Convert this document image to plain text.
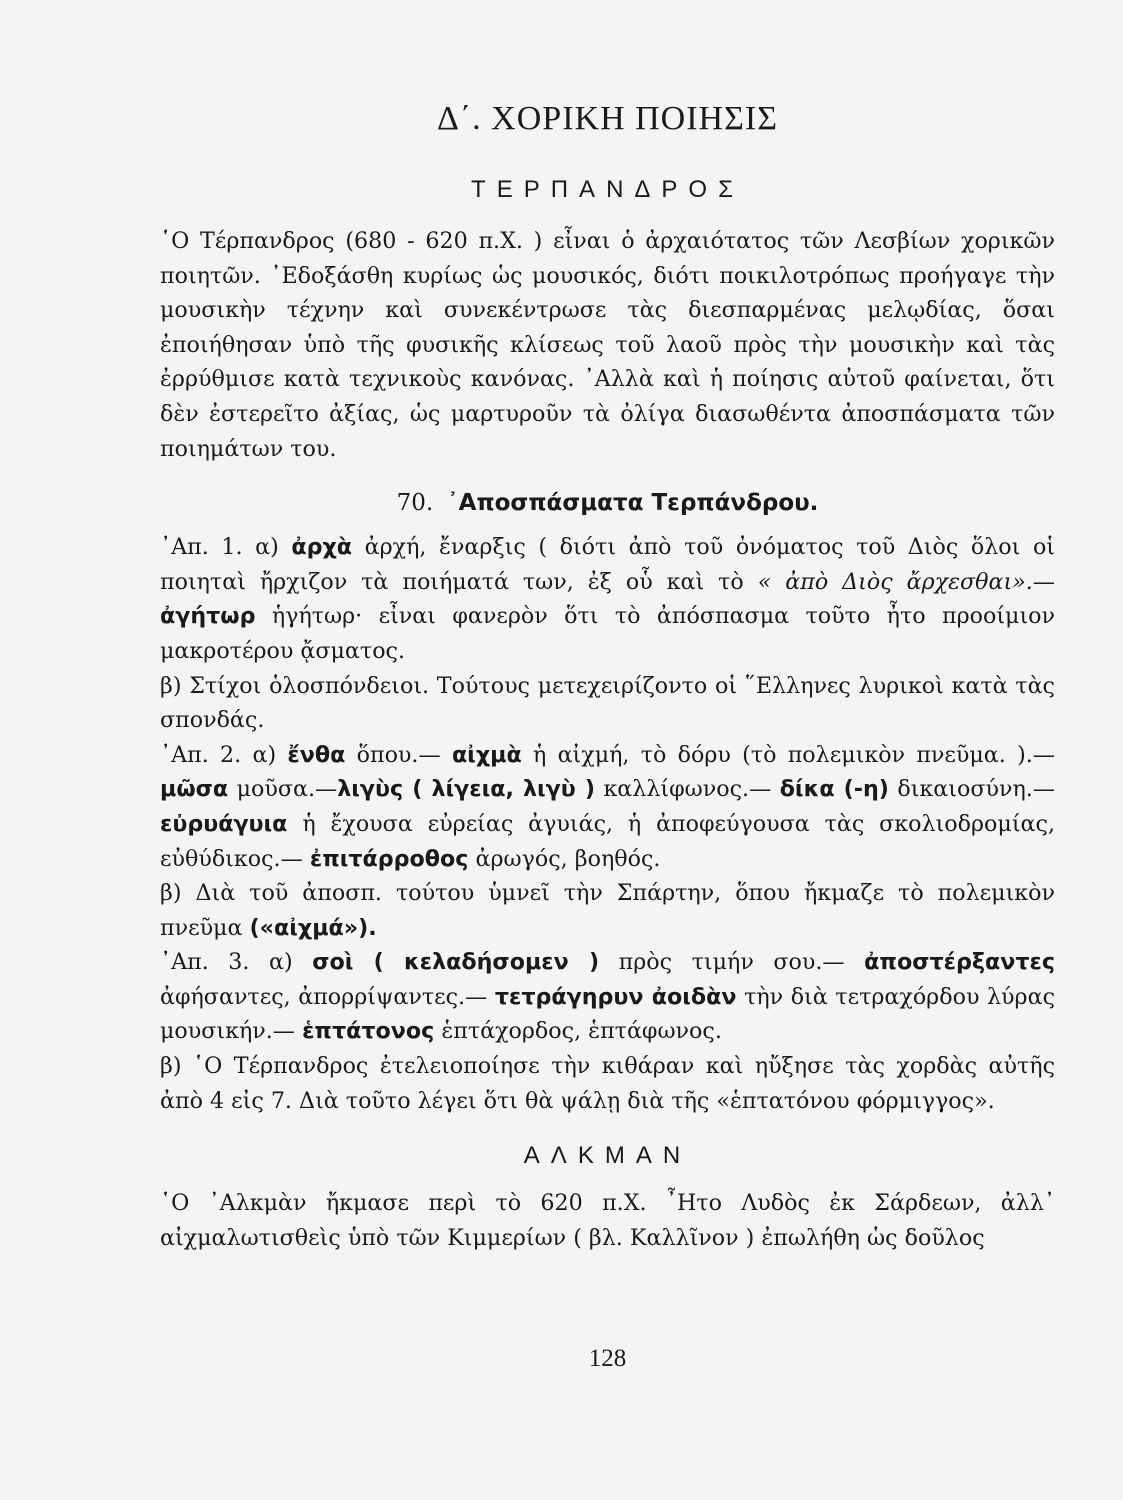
Δ΄. ΧΟΡΙΚΗ ΠΟΙΗΣΙΣ
ΤΕΡΠΑΝΔΡΟΣ

῾Ο Τέρπανδρος (680 - 620 π.Χ. ) εἶναι ὁ ἀρχαιότατος τῶν Λεσβίων χορικῶν ποιητῶν. ᾿Εδοξάσθη κυρίως ὡς μουσικός, διότι ποικιλοτρόπως προήγαγε τὴν μουσικὴν τέχνην καὶ συνεκέντρωσε τὰς διεσπαρμένας μελῳδίας, ὅσαι ἐποιήθησαν ὑπὸ τῆς φυσικῆς κλίσεως τοῦ λαοῦ πρὸς τὴν μουσικὴν καὶ τὰς ἐρρύθμισε κατὰ τεχνικοὺς κανόνας. ᾿Αλλὰ καὶ ἡ ποίησις αὐτοῦ φαίνεται, ὅτι δὲν ἐστερεῖτο ἀξίας, ὡς μαρτυροῦν τὰ ὀλίγα διασωθέντα ἀποσπάσματα τῶν ποιημάτων του.

70. ᾿Αποσπάσματα Τερπάνδρου.

᾿Απ. 1. α) ἀρχὰ ἀρχή, ἔναρξις ( διότι ἀπὸ τοῦ ὀνόματος τοῦ Διὸς ὅλοι οἱ ποιηταὶ ἤρχιζον τὰ ποιήματά των, ἐξ οὗ καὶ τὸ « ἀπὸ Διὸς ἄρχεσθαι».— ἀγήτωρ ἡγήτωρ· εἶναι φανερὸν ὅτι τὸ ἀπόσπασμα τοῦτο ἦτο προοίμιον μακροτέρου ᾄσματος.

β) Στίχοι ὁλοσπόνδειοι. Τούτους μετεχειρίζοντο οἱ ῞Ελληνες λυρικοὶ κατὰ τὰς σπονδάς.

᾿Απ. 2. α) ἔνθα ὅπου.— αἰχμὰ ἡ αἰχμή, τὸ δόρυ (τὸ πολεμικὸν πνεῦμα. ).—μῶσα μοῦσα.—λιγὺς ( λίγεια, λιγὺ ) καλλίφωνος.— δίκα (-η) δικαιοσύνη.— εὐρυάγυια ἡ ἔχουσα εὐρείας ἀγυιάς, ἡ ἀποφεύγουσα τὰς σκολιοδρομίας, εὐθύδικος.— ἐπιτάρροθος ἀρωγός, βοηθός.

β) Διὰ τοῦ ἀποσπ. τούτου ὑμνεῖ τὴν Σπάρτην, ὅπου ἤκμαζε τὸ πολεμικὸν πνεῦμα («αἰχμά»).

᾿Απ. 3. α) σοὶ ( κελαδήσομεν ) πρὸς τιμήν σου.— ἀποστέρξαντες ἀφήσαντες, ἀπορρίψαντες.— τετράγηρυν ἀοιδὰν τὴν διὰ τετραχόρδου λύρας μουσικήν.— ἑπτάτονος ἑπτάχορδος, ἑπτάφωνος.

β) ῾Ο Τέρπανδρος ἐτελειοποίησε τὴν κιθάραν καὶ ηὔξησε τὰς χορδὰς αὐτῆς ἀπὸ 4 εἰς 7. Διὰ τοῦτο λέγει ὅτι θὰ ψάλῃ διὰ τῆς «ἑπτατόνου φόρμιγγος».

ΑΛΚΜΑΝ

῾Ο ᾿Αλκμὰν ἤκμασε περὶ τὸ 620 π.Χ. ῏Ητο Λυδὸς ἐκ Σάρδεων, ἀλλ᾿ αἰχμαλωτισθεὶς ὑπὸ τῶν Κιμμερίων ( βλ. Καλλῖνον ) ἐπωλήθη ὡς δοῦλος

128
